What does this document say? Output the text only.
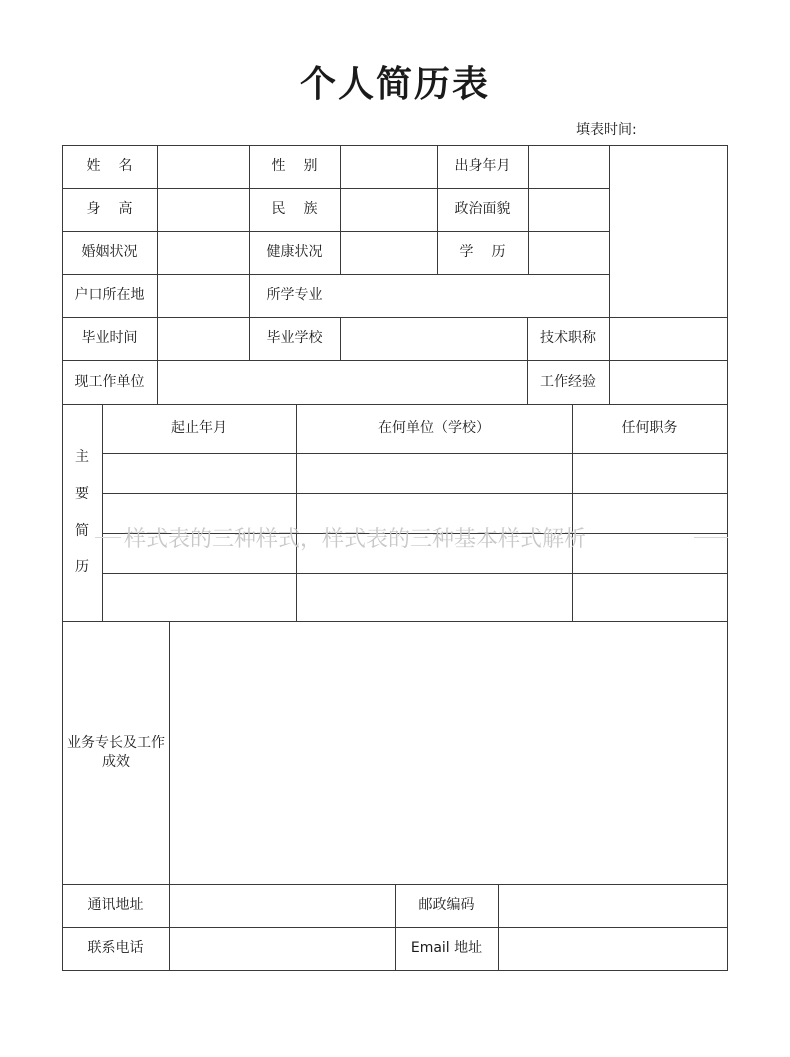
个人简历表
填表时间:
姓名	性别	出身年月
身高	民族	政治面貌
婚姻状况	健康状况	学历
户口所在地	所学专业
毕业时间	毕业学校	技术职称
现工作单位	工作经验
主
要
简
历
起止年月	在何单位（学校）	任何职务
业务专长及工作成效
通讯地址	邮政编码
联系电话	Email 地址
样式表的三种样式，样式表的三种基本样式解析
